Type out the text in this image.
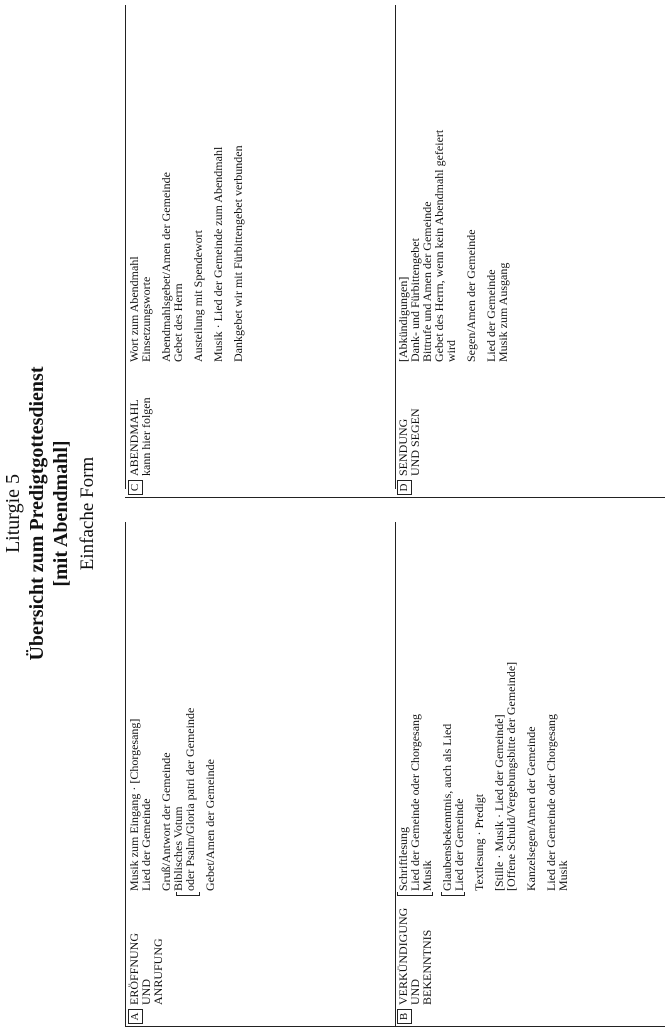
Liturgie 5 Übersicht zum Predigtgottesdienst [mit Abendmahl] Einfache Form
A
ERÖFFNUNG
UND
ANRUFUNG
Musik zum Eingang · [Chorgesang]
Lied der Gemeinde Gruß/Antwort der Gemeinde
Biblisches Votum
oder Psalm/Gloria patri der Gemeinde Gebet/Amen der Gemeinde
B
VERKÜNDIGUNG
UND
BEKENNTNIS
Schriftlesung
Lied der Gemeinde oder Chorgesang
Musik Glaubensbekenntnis, auch als Lied
Lied der Gemeinde Textlesung · Predigt [Stille · Musik · Lied der Gemeinde]
[Offene Schuld/Vergebungsbitte der Gemeinde] Kanzelsegen/Amen der Gemeinde Lied der Gemeinde oder Chorgesang
Musik
C
ABENDMAHL
kann hier folgen
Wort zum Abendmahl
Einsetzungsworte Abendmahlsgebet/Amen der Gemeinde
Gebet des Herrn Austeilung mit Spendewort Musik · Lied der Gemeinde zum Abendmahl Dankgebet wir mit Fürbittengebet verbunden
D
SENDUNG
UND SEGEN
[Abkündigungen]
Dank- und Fürbittengebet
Bittrufe und Amen der Gemeinde
Gebet des Herrn, wenn kein Abendmahl gefeiert
wird Segen/Amen der Gemeinde Lied der Gemeinde
Musik zum Ausgang
